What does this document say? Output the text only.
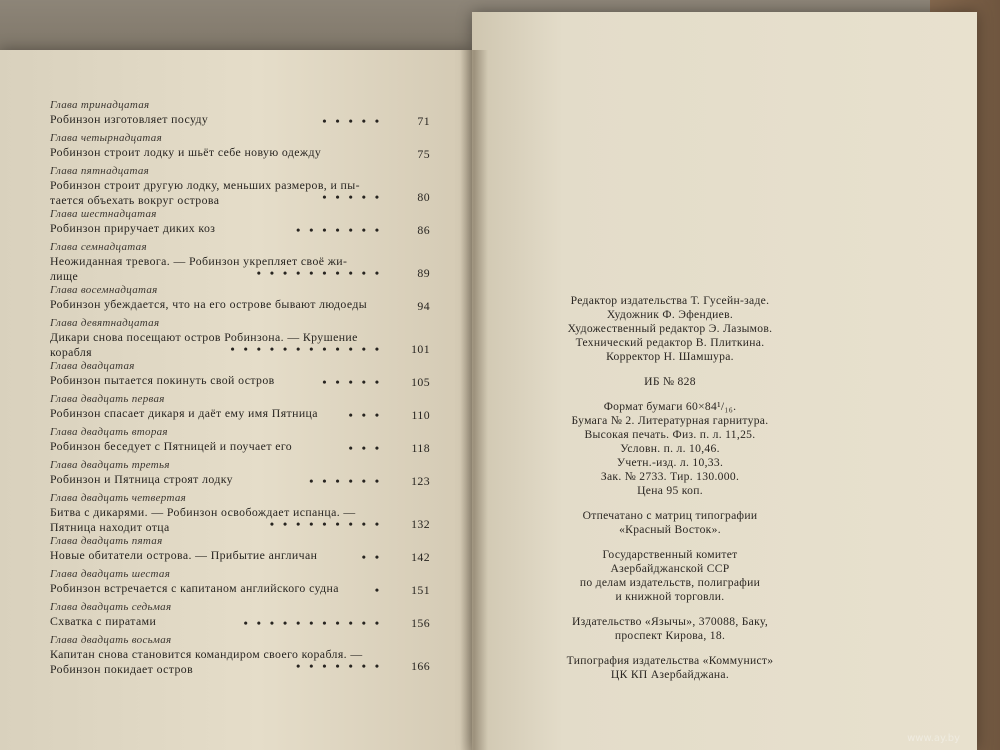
Глава тринадцатая
Робинзон изготовляет посуду	•••••	71
Глава четырнадцатая
Робинзон строит лодку и шьёт себе новую одежду	75
Глава пятнадцатая
Робинзон строит другую лодку, меньших размеров, и пы-
тается объехать вокруг острова	•••••	80
Глава шестнадцатая
Робинзон приручает диких коз	•••••••	86
Глава семнадцатая
Неожиданная тревога. — Робинзон укрепляет своё жи-
лище	••••••••••	89
Глава восемнадцатая
Робинзон убеждается, что на его острове бывают людоеды	94
Глава девятнадцатая
Дикари снова посещают остров Робинзона. — Крушение
корабля	••••••••••••	101
Глава двадцатая
Робинзон пытается покинуть свой остров	•••••	105
Глава двадцать первая
Робинзон спасает дикаря и даёт ему имя Пятница	•••	110
Глава двадцать вторая
Робинзон беседует с Пятницей и поучает его	•••	118
Глава двадцать третья
Робинзон и Пятница строят лодку	••••••	123
Глава двадцать четвертая
Битва с дикарями. — Робинзон освобождает испанца. —
Пятница находит отца	•••••••••	132
Глава двадцать пятая
Новые обитатели острова. — Прибытие англичан	••	142
Глава двадцать шестая
Робинзон встречается с капитаном английского судна	•	151
Глава двадцать седьмая
Схватка с пиратами	•••••••••••	156
Глава двадцать восьмая
Капитан снова становится командиром своего корабля. —
Робинзон покидает остров	•••••••	166
Редактор издательства Т. Гусейн-заде.
Художник Ф. Эфендиев.
Художественный редактор Э. Лазымов.
Технический редактор В. Плиткина.
Корректор Н. Шамшура.
ИБ № 828
Формат бумаги 60×84¹/₁₆.
Бумага № 2. Литературная гарнитура.
Высокая печать. Физ. п. л. 11,25.
Условн. п. л. 10,46.
Учетн.-изд. л. 10,33.
Зак. № 2733. Тир. 130.000.
Цена 95 коп.
Отпечатано с матриц типографии
«Красный Восток».
Государственный комитет
Азербайджанской ССР
по делам издательств, полиграфии
и книжной торговли.
Издательство «Язычы», 370088, Баку,
проспект Кирова, 18.
Типография издательства «Коммунист»
ЦК КП Азербайджана.
www.ay.by
